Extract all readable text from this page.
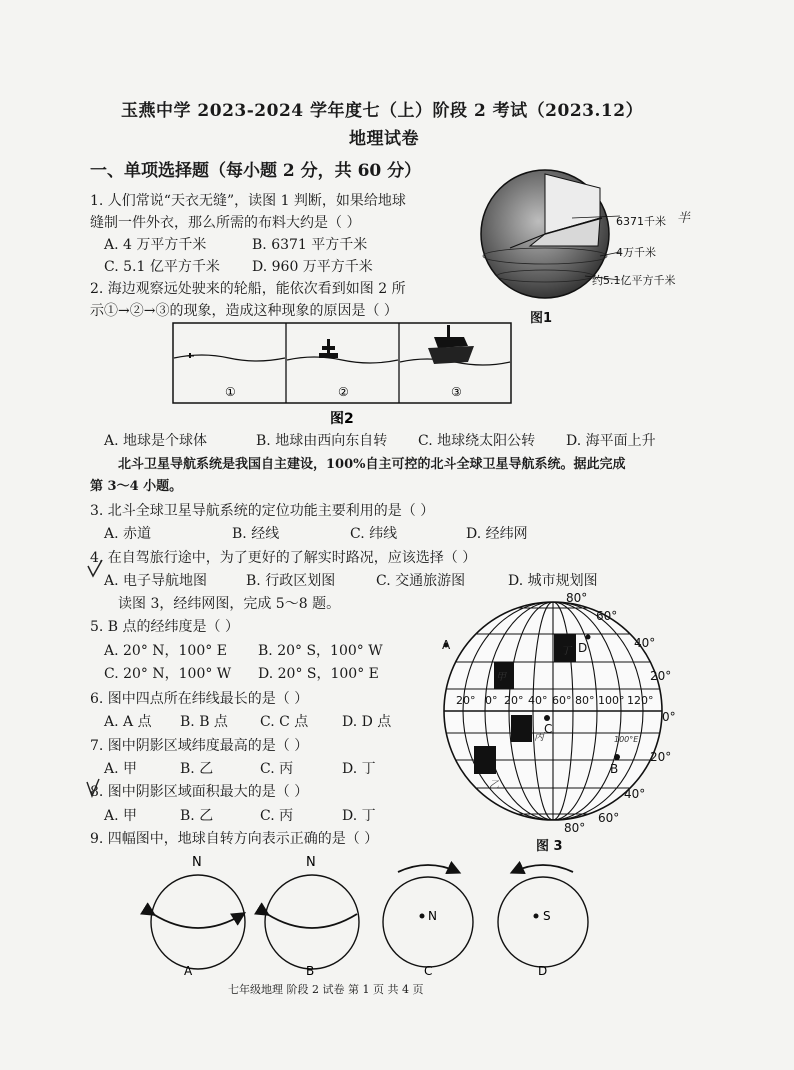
玉燕中学 2023-2024 学年度七（上）阶段 2 考试（2023.12）
地理试卷
一、单项选择题（每小题 2 分，共 60 分）
1. 人们常说“天衣无缝”，读图 1 判断，如果给地球
缝制一件外衣，那么所需的布料大约是（ ）
A. 4 万平方千米	B. 6371 平方千米
C. 5.1 亿平方千米 D. 960 万平方千米
6371千米
4万千米
约5.1亿平方千米
半
图1
2. 海边观察远处驶来的轮船，能依次看到如图 2 所
示①→②→③的现象，造成这种现象的原因是（ ）
①	②	③
图2
A. 地球是个球体	B. 地球由西向东自转 C. 地球绕太阳公转 D. 海平面上升
北斗卫星导航系统是我国自主建设，100%自主可控的北斗全球卫星导航系统。据此完成
第 3～4 小题。
3. 北斗全球卫星导航系统的定位功能主要利用的是（ ）
A. 赤道	B. 经线	C. 纬线	D. 经纬网
4. 在自驾旅行途中，为了更好的了解实时路况，应该选择（ ）
A. 电子导航地图	B. 行政区划图	C. 交通旅游图	D. 城市规划图
读图 3，经纬网图，完成 5～8 题。
5. B 点的经纬度是（ ）
A. 20° N，100° E B. 20° S，100° W
C. 20° N，100° W D. 20° S，100° E
6. 图中四点所在纬线最长的是（ ）
A. A 点 B. B 点 C. C 点 D. D 点
7. 图中阴影区域纬度最高的是（ ）
A. 甲	B. 乙	C. 丙	D. 丁
8. 图中阴影区域面积最大的是（ ）
A. 甲	B. 乙	C. 丙	D. 丁
A
C
B
D
80°
60°
40°
20°
0°
20°
40°
60°
80°
20° 0° 20° 40° 60° 80° 100° 120°
甲
丁
丙
乙
100°E
图 3
9. 四幅图中，地球自转方向表示正确的是（ ）
N
A
N
B
N
C
S
D
七年级地理 阶段 2 试卷 第 1 页 共 4 页
